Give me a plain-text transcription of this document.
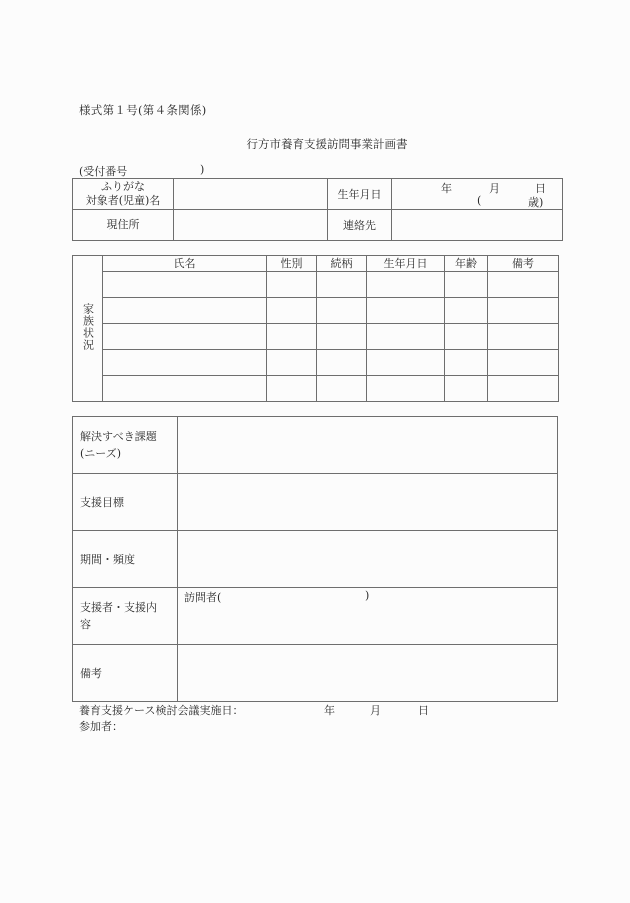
様式第１号(第４条関係)
行方市養育支援訪問事業計画書
(受付番号	)
ふりがな
対象者(児童)名		生年月日	年	月	日
(	歳)

現住所		連絡先	
家族状況	氏名	性別	続柄	生年月日	年齢	備考

解決すべき課題
(ニーズ)	

支援目標	

期間・頻度	

支援者・支援内
容

訪問者(	)

備考	

養育支援ケース検討会議実施日：	年	月	日
参加者：
